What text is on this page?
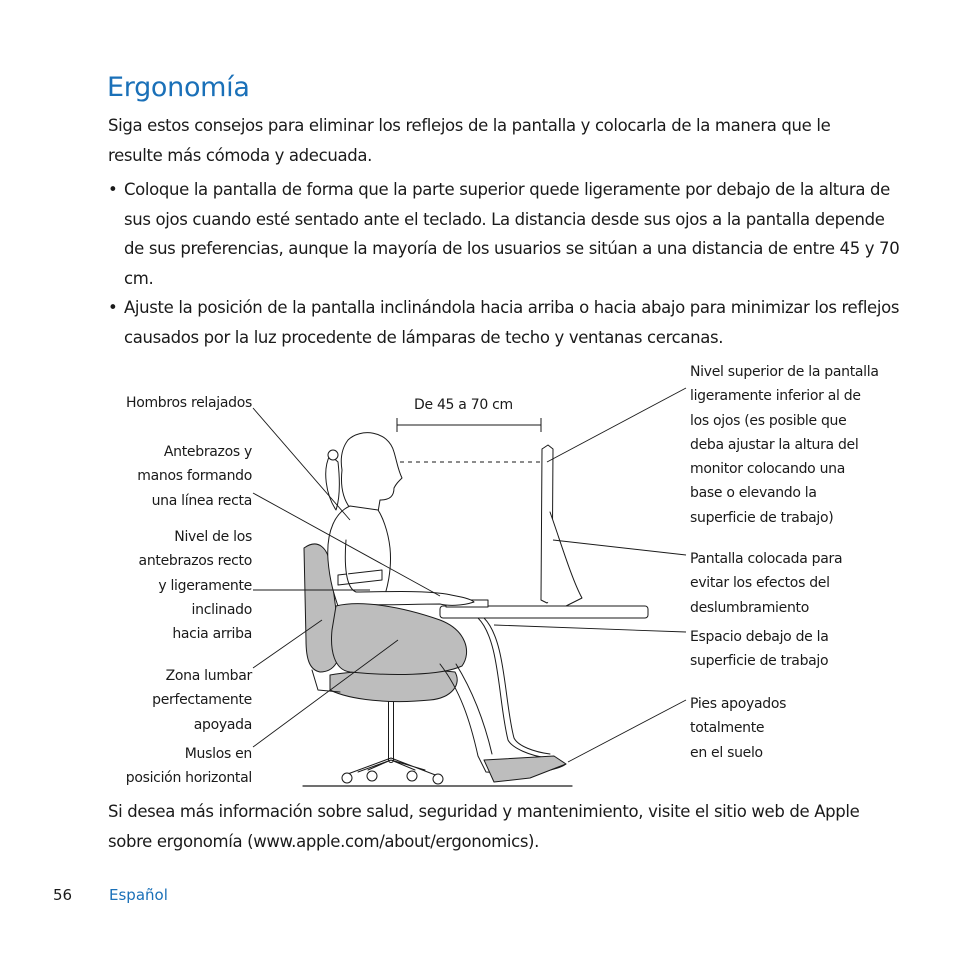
Ergonomía

Siga estos consejos para eliminar los reflejos de la pantalla y colocarla de la manera que le resulte más cómoda y adecuada.

• Coloque la pantalla de forma que la parte superior quede ligeramente por debajo de la altura de sus ojos cuando esté sentado ante el teclado. La distancia desde sus ojos a la pantalla depende de sus preferencias, aunque la mayoría de los usuarios se sitúan a una distancia de entre 45 y 70 cm.
• Ajuste la posición de la pantalla inclinándola hacia arriba o hacia abajo para minimizar los reflejos causados por la luz procedente de lámparas de techo y ventanas cercanas.
Hombros relajados
Antebrazos y
manos formando
una línea recta
Nivel de los
antebrazos recto
y ligeramente
inclinado
hacia arriba
Zona lumbar
perfectamente
apoyada
Muslos en
posición horizontal
De 45 a 70 cm
Nivel superior de la pantalla
ligeramente inferior al de
los ojos (es posible que
deba ajustar la altura del
monitor colocando una
base o elevando la
superficie de trabajo)
Pantalla colocada para
evitar los efectos del
deslumbramiento
Espacio debajo de la
superficie de trabajo
Pies apoyados
totalmente
en el suelo

Si desea más información sobre salud, seguridad y mantenimiento, visite el sitio web de Apple sobre ergonomía (www.apple.com/about/ergonomics).

56 Español
